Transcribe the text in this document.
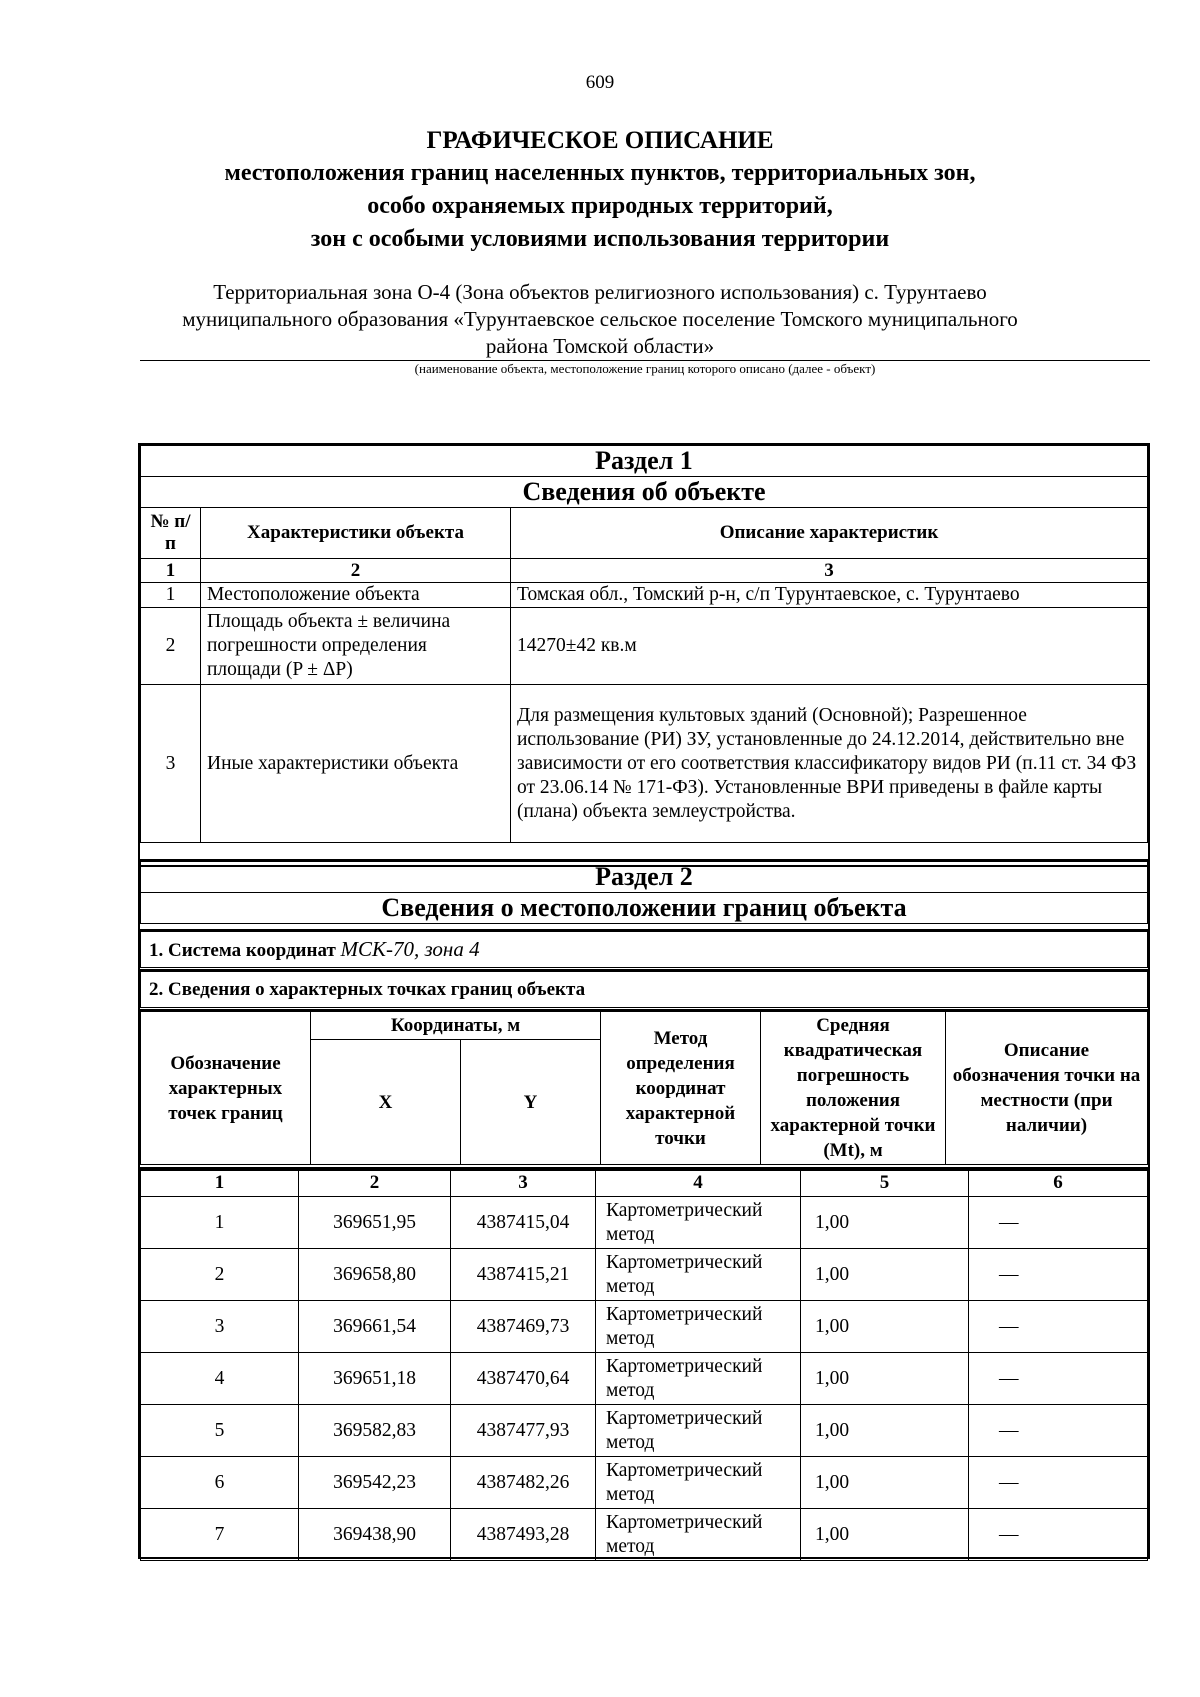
609
ГРАФИЧЕСКОЕ ОПИСАНИЕ
местоположения границ населенных пунктов, территориальных зон,
особо охраняемых природных территорий,
зон с особыми условиями использования территории
Территориальная зона О-4 (Зона объектов религиозного использования) с. Турунтаево
муниципального образования «Турунтаевское сельское поселение Томского муниципального
района Томской области»
(наименование объекта, местоположение границ которого описано (далее - объект)
Раздел 1		
Сведения об объекте		
№ п/п	Характеристики объекта	Описание характеристик
1	2	3
1	Местоположение объекта	Томская обл., Томский р-н, с/п Турунтаевское, с. Турунтаево
2	Площадь объекта ± величина погрешности определения площади (P ± ΔP)	14270±42 кв.м
3	Иные характеристики объекта	Для размещения культовых зданий (Основной); Разрешенное использование (РИ) ЗУ, установленные до 24.12.2014, действительно вне зависимости от его соответствия классификатору видов РИ (п.11 ст. 34 ФЗ от 23.06.14 № 171-ФЗ). Установленные ВРИ приведены в файле карты (плана) объекта землеустройства.
Раздел 2
Сведения о местоположении границ объекта
1. Система координат МСК-70, зона 4
2. Сведения о характерных точках границ объекта
Обозначение характерных точек границ	Координаты, м		Метод определения координат характерной точки	Средняя квадратическая погрешность положения характерной точки (Mt), м	Описание обозначения точки на местности (при наличии)
	X	Y			
1	2	3	4	5	6
1	369651,95	4387415,04	Картометрический метод	1,00	—
2	369658,80	4387415,21	Картометрический метод	1,00	—
3	369661,54	4387469,73	Картометрический метод	1,00	—
4	369651,18	4387470,64	Картометрический метод	1,00	—
5	369582,83	4387477,93	Картометрический метод	1,00	—
6	369542,23	4387482,26	Картометрический метод	1,00	—
7	369438,90	4387493,28	Картометрический метод	1,00	—
